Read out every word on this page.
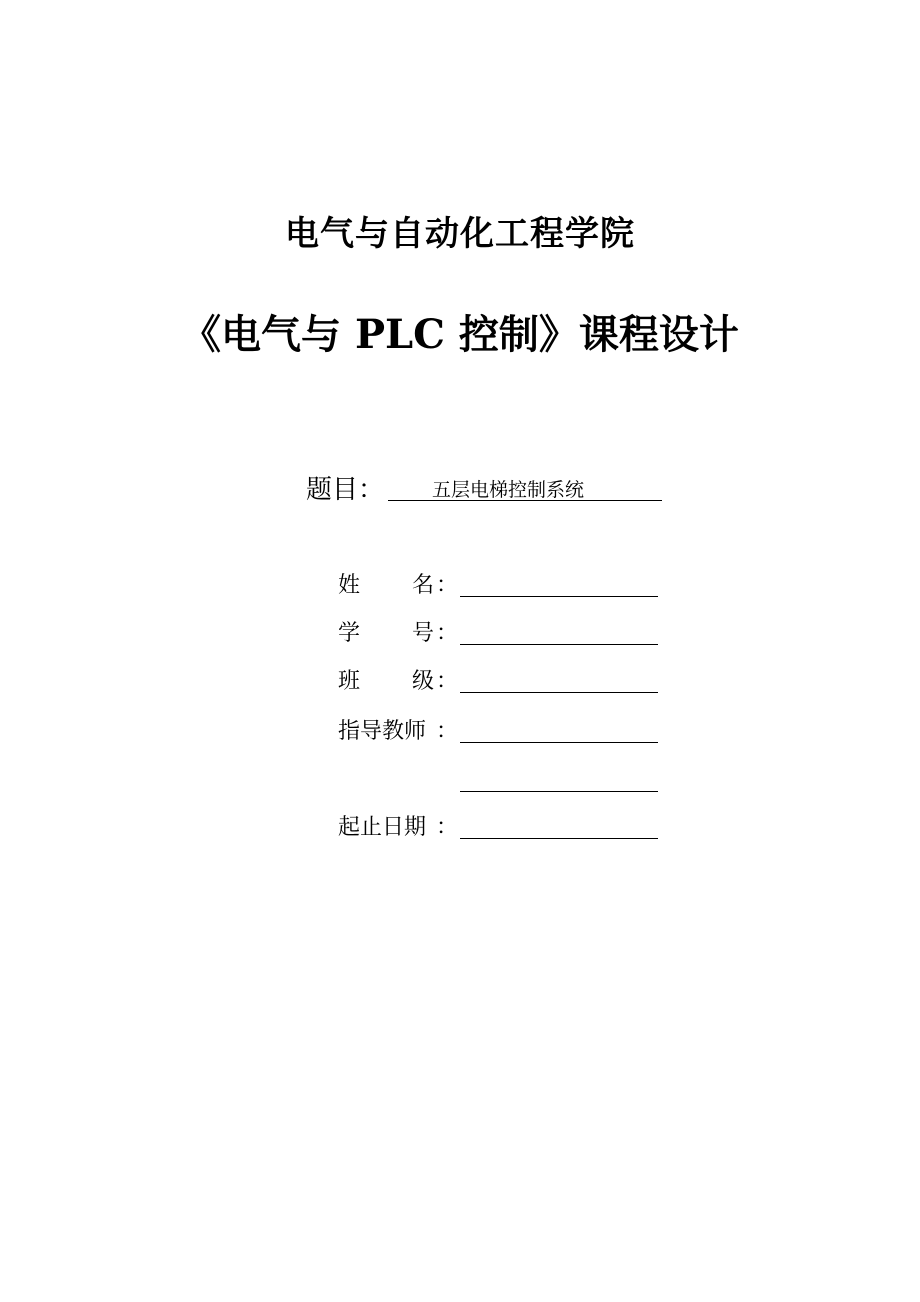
电气与自动化工程学院
《电气与 PLC 控制》课程设计
题目：	五层电梯控制系统
姓 名 ：
学 号 ：
班 级 ：
指导教师 ：
起止日期 ：
